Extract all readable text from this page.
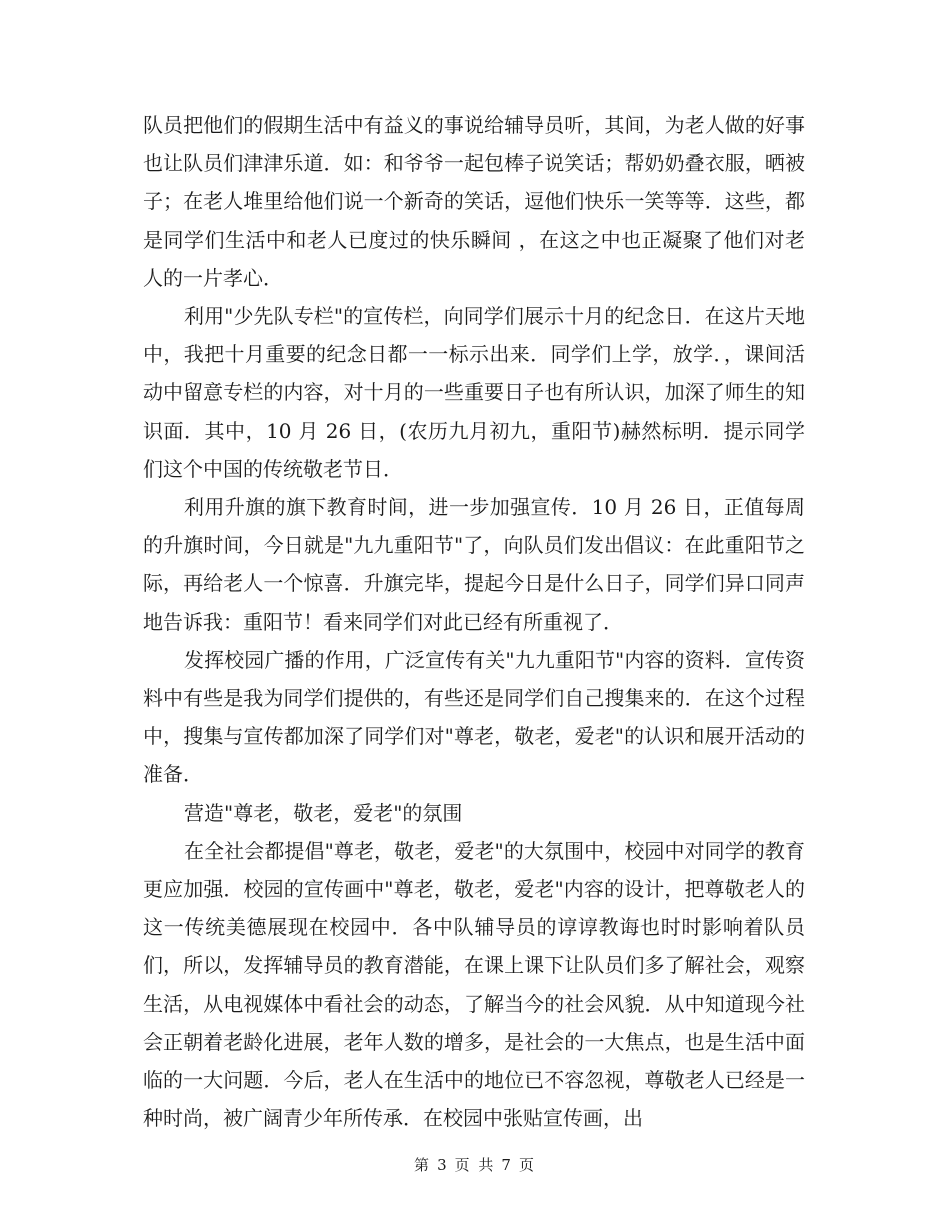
队员把他们的假期生活中有益义的事说给辅导员听，其间，为老人做的好事也让队员们津津乐道．如：和爷爷一起包棒子说笑话；帮奶奶叠衣服，晒被子；在老人堆里给他们说一个新奇的笑话，逗他们快乐一笑等等．这些，都是同学们生活中和老人已度过的快乐瞬间 ，在这之中也正凝聚了他们对老人的一片孝心．

利用"少先队专栏"的宣传栏，向同学们展示十月的纪念日．在这片天地中，我把十月重要的纪念日都一一标示出来．同学们上学，放学．，课间活动中留意专栏的内容，对十月的一些重要日子也有所认识，加深了师生的知识面．其中，10 月 26 日，(农历九月初九，重阳节)赫然标明．提示同学们这个中国的传统敬老节日．

利用升旗的旗下教育时间，进一步加强宣传．10 月 26 日，正值每周的升旗时间，今日就是"九九重阳节"了，向队员们发出倡议：在此重阳节之际，再给老人一个惊喜．升旗完毕，提起今日是什么日子，同学们异口同声地告诉我：重阳节！看来同学们对此已经有所重视了．

发挥校园广播的作用，广泛宣传有关"九九重阳节"内容的资料．宣传资料中有些是我为同学们提供的，有些还是同学们自己搜集来的．在这个过程中，搜集与宣传都加深了同学们对"尊老，敬老，爱老"的认识和展开活动的准备．

营造"尊老，敬老，爱老"的氛围

在全社会都提倡"尊老，敬老，爱老"的大氛围中，校园中对同学的教育更应加强．校园的宣传画中"尊老，敬老，爱老"内容的设计，把尊敬老人的这一传统美德展现在校园中．各中队辅导员的谆谆教诲也时时影响着队员们，所以，发挥辅导员的教育潜能，在课上课下让队员们多了解社会，观察生活，从电视媒体中看社会的动态，了解当今的社会风貌．从中知道现今社会正朝着老龄化进展，老年人数的增多，是社会的一大焦点，也是生活中面临的一大问题．今后，老人在生活中的地位已不容忽视，尊敬老人已经是一种时尚，被广阔青少年所传承．在校园中张贴宣传画，出

第 3 页 共 7 页
